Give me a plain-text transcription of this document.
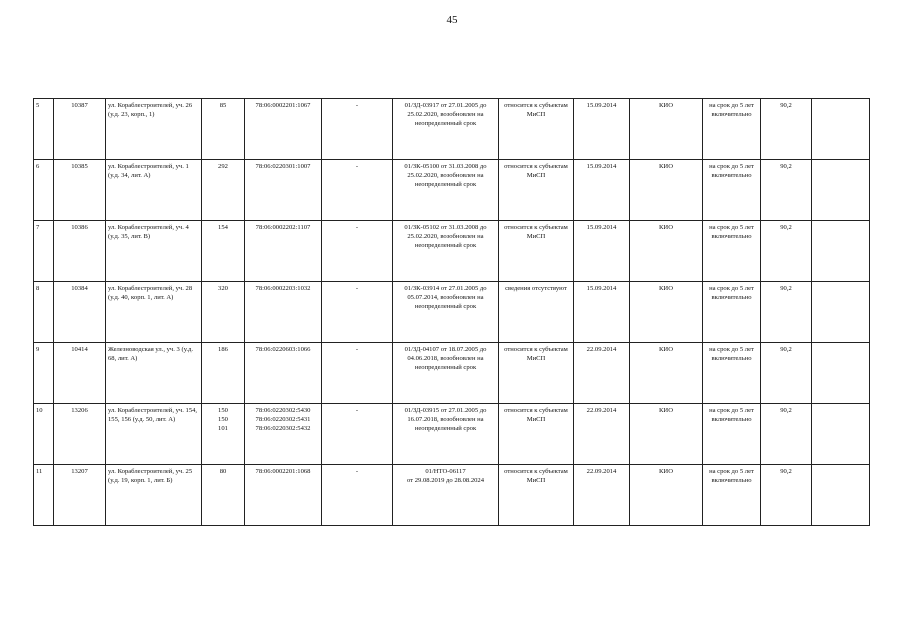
45
5	10387	ул. Кораблестроителей, уч. 26 (у.д. 23, корп., 1)	85	78:06:0002201:1067	-	01/ЗД-03917 от 27.01.2005 до 25.02.2020, возобновлен на неопределенный срок	относится к субъектам МиСП	15.09.2014	КИО	на срок до 5 лет включительно	90,2	
6	10385	ул. Кораблестроителей, уч. 1 (у.д. 34, лит. А)	292	78:06:0220301:1007	-	01/ЗК-05100 от 31.03.2008 до 25.02.2020, возобновлен на неопределенный срок	относится к субъектам МиСП	15.09.2014	КИО	на срок до 5 лет включительно	90,2	
7	10386	ул. Кораблестроителей, уч. 4 (у.д. 35, лит. В)	154	78:06:0002202:1107	-	01/ЗК-05102 от 31.03.2008 до 25.02.2020, возобновлен на неопределенный срок	относится к субъектам МиСП	15.09.2014	КИО	на срок до 5 лет включительно	90,2	
8	10384	ул. Кораблестроителей, уч. 28 (у.д. 40, корп. 1, лит. А)	320	78:06:0002203:1032	-	01/ЗК-03914 от 27.01.2005 до 05.07.2014, возобновлен на неопределенный срок	сведения отсутствуют	15.09.2014	КИО	на срок до 5 лет включительно	90,2	
9	10414	Железноводская ул., уч. 3 (у.д. 68, лит. А)	186	78:06:0220603:1066	-	01/ЗД-04107 от 18.07.2005 до 04.06.2018, возобновлен на неопределенный срок	относится к субъектам МиСП	22.09.2014	КИО	на срок до 5 лет включительно	90,2	
10	13206	ул. Кораблестроителей, уч. 154, 155, 156 (у.д. 50, лит. А)	150
150
101	78:06:0220302:5430
78:06:0220302:5431
78:06:0220302:5432	-	01/ЗД-03915 от 27.01.2005 до 16.07.2018, возобновлен на неопределенный срок	относится к субъектам МиСП	22.09.2014	КИО	на срок до 5 лет включительно	90,2	
11	13207	ул. Кораблестроителей, уч. 25 (у.д. 19, корп. 1, лит. Б)	80	78:06:0002201:1068	-	01/НТО-06117
от 29.08.2019 до 28.08.2024	относится к субъектам МиСП	22.09.2014	КИО	на срок до 5 лет включительно	90,2	
